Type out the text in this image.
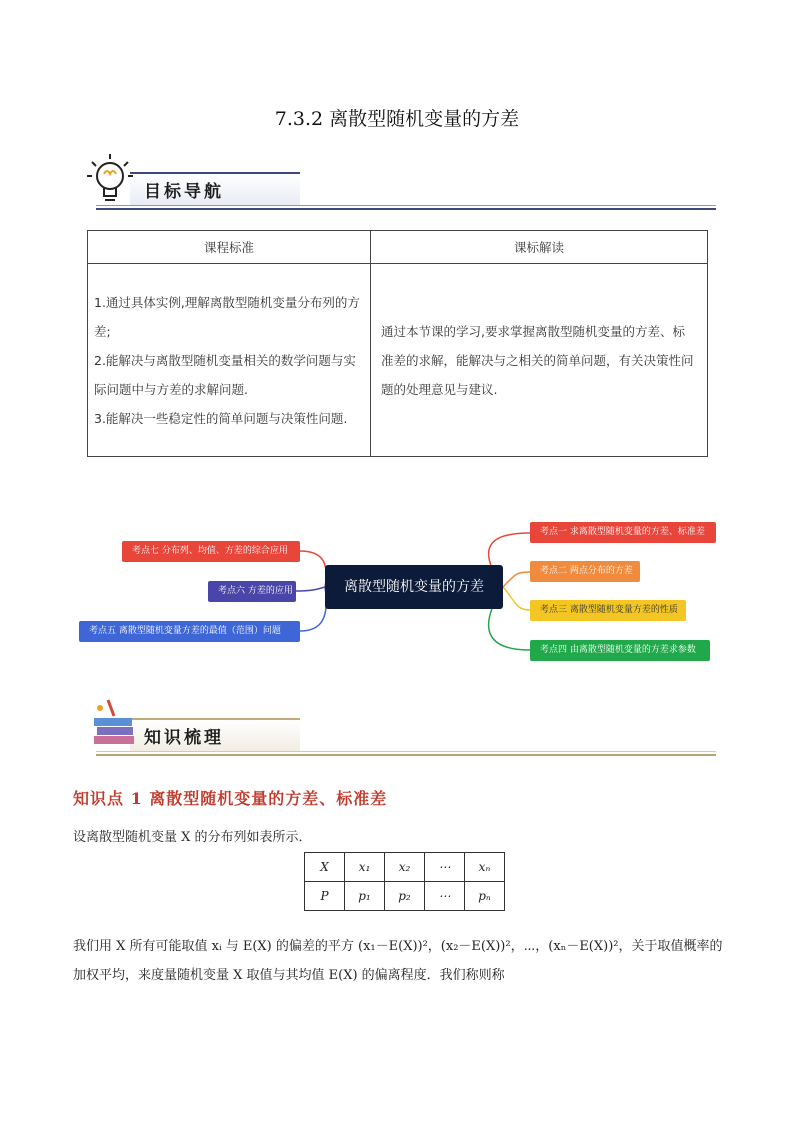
7.3.2 离散型随机变量的方差
目标导航
课程标准	课标解读
1.通过具体实例,理解离散型随机变量分布列的方差;
2.能解决与离散型随机变量相关的数学问题与实际问题中与方差的求解问题.
3.能解决一些稳定性的简单问题与决策性问题.	通过本节课的学习,要求掌握离散型随机变量的方差、标准差的求解，能解决与之相关的简单问题，有关决策性问题的处理意见与建议.
离散型随机变量的方差
考点一 求离散型随机变量的方差、标准差
考点二 两点分布的方差
考点三 离散型随机变量方差的性质
考点四 由离散型随机变量的方差求参数
考点七 分布列、均值、方差的综合应用
考点六 方差的应用
考点五 离散型随机变量方差的最值（范围）问题
知识梳理
知识点 1 离散型随机变量的方差、标准差
设离散型随机变量 X 的分布列如表所示．
X	x₁	x₂	⋯	xₙ
P	p₁	p₂	⋯	pₙ
我们用 X 所有可能取值 xᵢ 与 E(X) 的偏差的平方 (x₁－E(X))²，(x₂－E(X))²，⋯，(xₙ－E(X))²，关于取值概率的加权平均，来度量随机变量 X 取值与其均值 E(X) 的偏离程度．我们称则称
